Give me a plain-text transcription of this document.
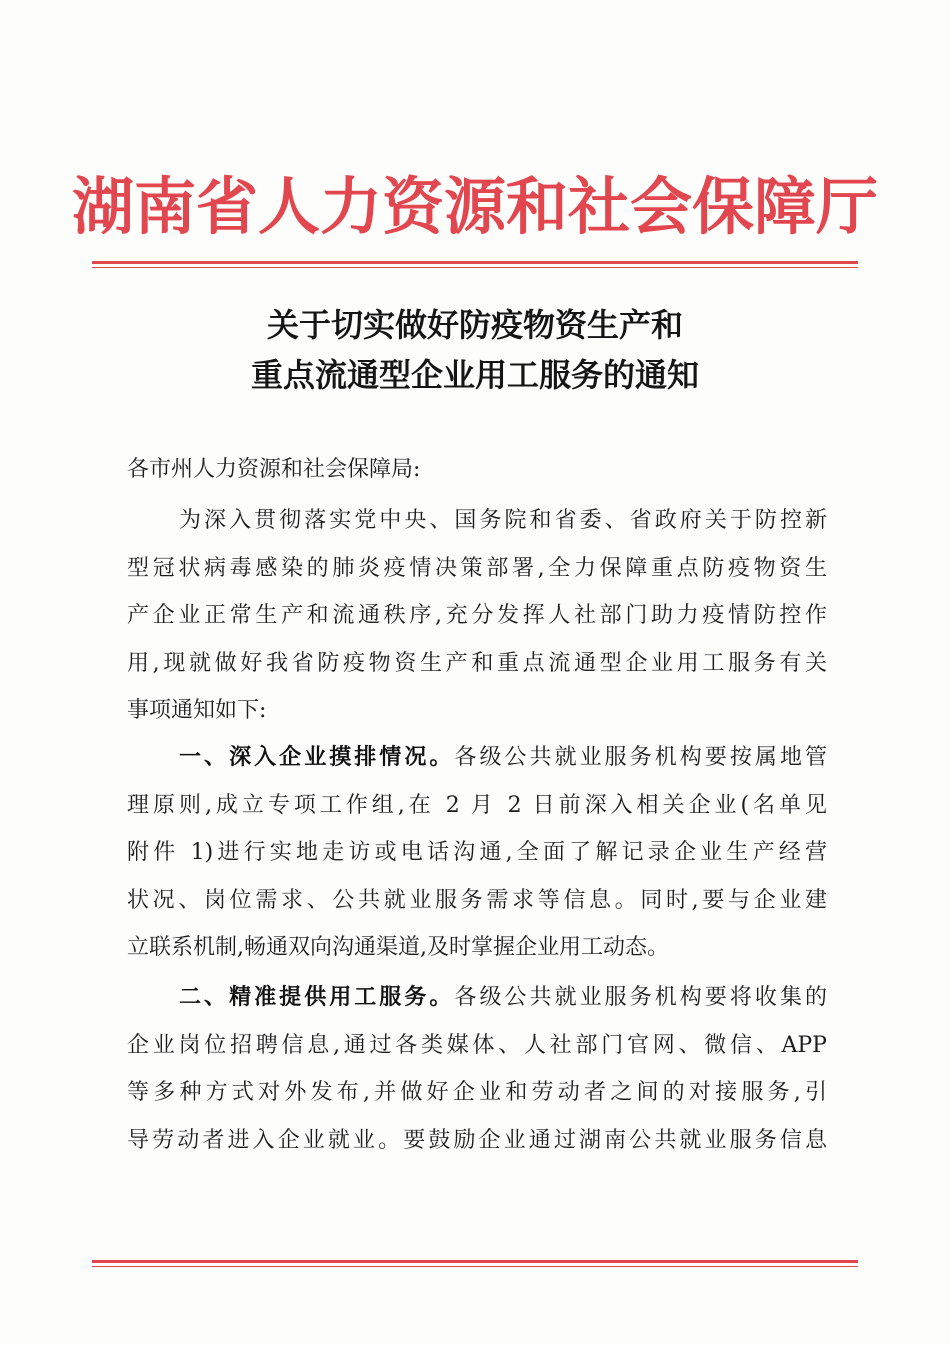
湖南省人力资源和社会保障厅
关于切实做好防疫物资生产和
重点流通型企业用工服务的通知
各市州人力资源和社会保障局:
为深入贯彻落实党中央、国务院和省委、省政府关于防控新
型冠状病毒感染的肺炎疫情决策部署,全力保障重点防疫物资生
产企业正常生产和流通秩序,充分发挥人社部门助力疫情防控作
用,现就做好我省防疫物资生产和重点流通型企业用工服务有关
事项通知如下:
一、深入企业摸排情况。各级公共就业服务机构要按属地管
理原则,成立专项工作组,在 2 月 2 日前深入相关企业(名单见
附件 1)进行实地走访或电话沟通,全面了解记录企业生产经营
状况、岗位需求、公共就业服务需求等信息。同时,要与企业建
立联系机制,畅通双向沟通渠道,及时掌握企业用工动态。
二、精准提供用工服务。各级公共就业服务机构要将收集的
企业岗位招聘信息,通过各类媒体、人社部门官网、微信、APP
等多种方式对外发布,并做好企业和劳动者之间的对接服务,引
导劳动者进入企业就业。要鼓励企业通过湖南公共就业服务信息
